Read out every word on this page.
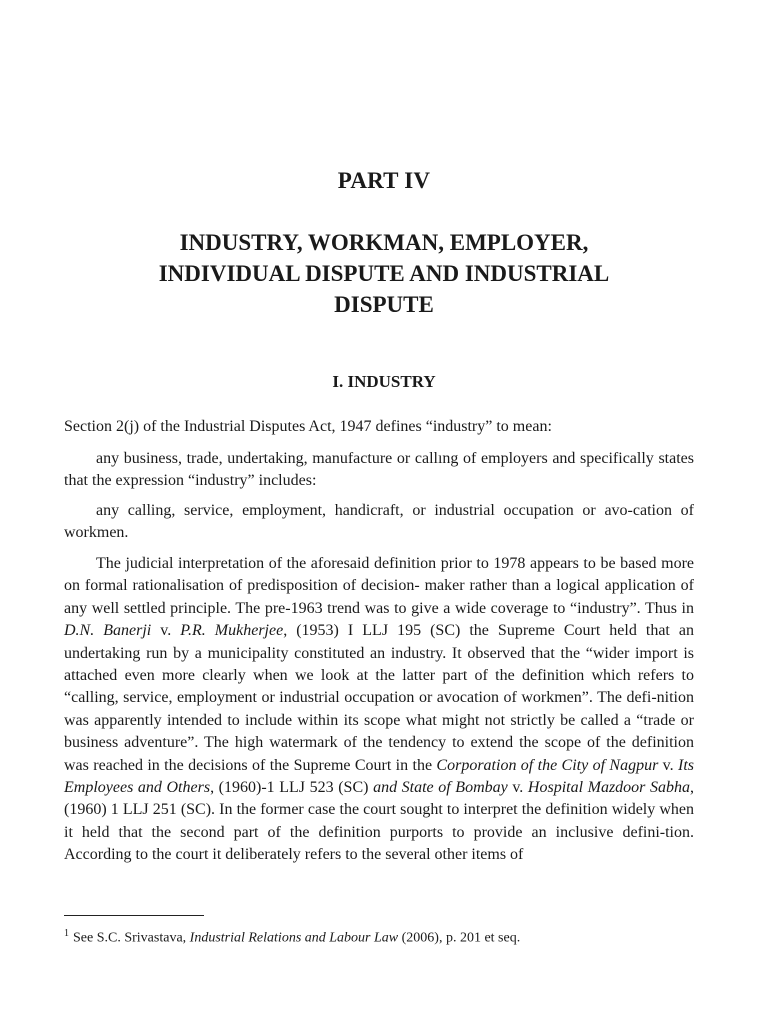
PART IV
INDUSTRY, WORKMAN, EMPLOYER,
INDIVIDUAL DISPUTE AND INDUSTRIAL
DISPUTE
I. INDUSTRY

Section 2(j) of the Industrial Disputes Act, 1947 defines “industry” to mean:

any business, trade, undertaking, manufacture or callıng of employers and specifically states that the expression “industry” includes:

any calling, service, employment, handicraft, or industrial occupation or avo-cation of workmen.

The judicial interpretation of the aforesaid definition prior to 1978 appears to be based more on formal rationalisation of predisposition of decision- maker rather than a logical application of any well settled principle. The pre-1963 trend was to give a wide coverage to “industry”. Thus in D.N. Banerji v. P.R. Mukherjee, (1953) I LLJ 195 (SC) the Supreme Court held that an undertaking run by a municipality constituted an industry. It observed that the “wider import is attached even more clearly when we look at the latter part of the definition which refers to “calling, service, employment or industrial occupation or avocation of workmen”. The defi-nition was apparently intended to include within its scope what might not strictly be called a “trade or business adventure”. The high watermark of the tendency to extend the scope of the definition was reached in the decisions of the Supreme Court in the Corporation of the City of Nagpur v. Its Employees and Others, (1960)-1 LLJ 523 (SC) and State of Bombay v. Hospital Mazdoor Sabha, (1960) 1 LLJ 251 (SC). In the former case the court sought to interpret the definition widely when it held that the second part of the definition purports to provide an inclusive defini-tion. According to the court it deliberately refers to the several other items of

$^1$ See S.C. Srivastava, Industrial Relations and Labour Law (2006), p. 201 et seq.
